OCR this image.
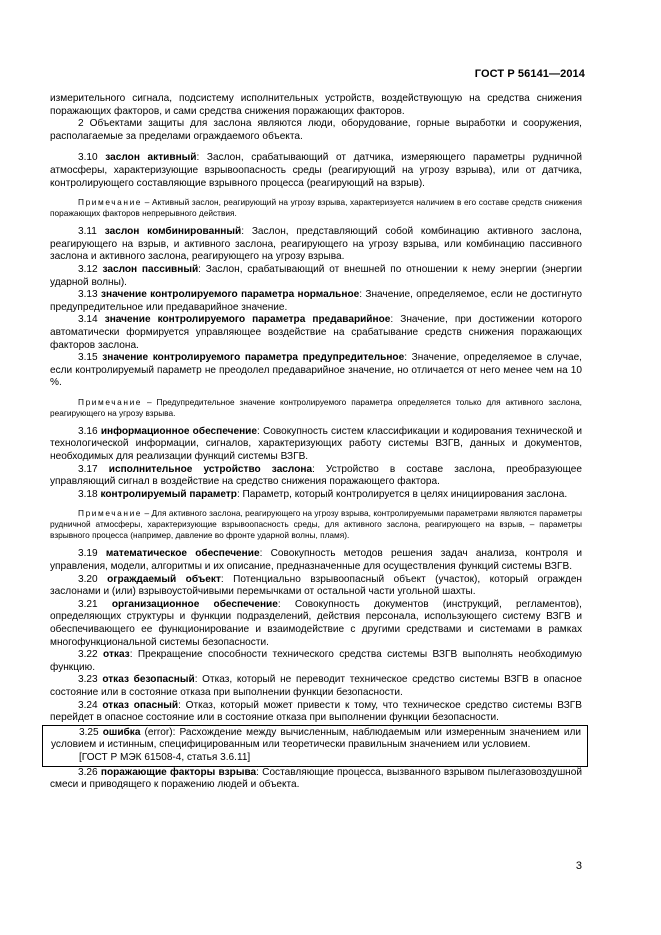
ГОСТ Р 56141—2014

измерительного сигнала, подсистему исполнительных устройств, воздействующую на средства снижения поражающих факторов, и сами средства снижения поражающих факторов.

2 Объектами защиты для заслона являются люди, оборудование, горные выработки и сооружения, располагаемые за пределами ограждаемого объекта.

3.10 заслон активный: Заслон, срабатывающий от датчика, измеряющего параметры рудничной атмосферы, характеризующие взрывоопасность среды (реагирующий на угрозу взрыва), или от датчика, контролирующего составляющие взрывного процесса (реагирующий на взрыв).

Примечание – Активный заслон, реагирующий на угрозу взрыва, характеризуется наличием в его составе средств снижения поражающих факторов непрерывного действия.

3.11 заслон комбинированный: Заслон, представляющий собой комбинацию активного заслона, реагирующего на взрыв, и активного заслона, реагирующего на угрозу взрыва, или комбинацию пассивного заслона и активного заслона, реагирующего на угрозу взрыва.

3.12 заслон пассивный: Заслон, срабатывающий от внешней по отношении к нему энергии (энергии ударной волны).

3.13 значение контролируемого параметра нормальное: Значение, определяемое, если не достигнуто предупредительное или предаварийное значение.

3.14 значение контролируемого параметра предаварийное: Значение, при достижении которого автоматически формируется управляющее воздействие на срабатывание средств снижения поражающих факторов заслона.

3.15 значение контролируемого параметра предупредительное: Значение, определяемое в случае, если контролируемый параметр не преодолел предаварийное значение, но отличается от него менее чем на 10 %.

Примечание – Предупредительное значение контролируемого параметра определяется только для активного заслона, реагирующего на угрозу взрыва.

3.16 информационное обеспечение: Совокупность систем классификации и кодирования технической и технологической информации, сигналов, характеризующих работу системы ВЗГВ, данных и документов, необходимых для реализации функций системы ВЗГВ.

3.17 исполнительное устройство заслона: Устройство в составе заслона, преобразующее управляющий сигнал в воздействие на средство снижения поражающего фактора.

3.18 контролируемый параметр: Параметр, который контролируется в целях инициирования заслона.

Примечание – Для активного заслона, реагирующего на угрозу взрыва, контролируемыми параметрами являются параметры рудничной атмосферы, характеризующие взрывоопасность среды, для активного заслона, реагирующего на взрыв, – параметры взрывного процесса (например, давление во фронте ударной волны, пламя).

3.19 математическое обеспечение: Совокупность методов решения задач анализа, контроля и управления, модели, алгоритмы и их описание, предназначенные для осуществления функций системы ВЗГВ.

3.20 ограждаемый объект: Потенциально взрывоопасный объект (участок), который огражден заслонами и (или) взрывоустойчивыми перемычками от остальной части угольной шахты.

3.21 организационное обеспечение: Совокупность документов (инструкций, регламентов), определяющих структуры и функции подразделений, действия персонала, использующего систему ВЗГВ и обеспечивающего ее функционирование и взаимодействие с другими средствами и системами в рамках многофункциональной системы безопасности.

3.22 отказ: Прекращение способности технического средства системы ВЗГВ выполнять необходимую функцию.

3.23 отказ безопасный: Отказ, который не переводит техническое средство системы ВЗГВ в опасное состояние или в состояние отказа при выполнении функции безопасности.

3.24 отказ опасный: Отказ, который может привести к тому, что техническое средство системы ВЗГВ перейдет в опасное состояние или в состояние отказа при выполнении функции безопасности.

3.25 ошибка (error): Расхождение между вычисленным, наблюдаемым или измеренным значением или условием и истинным, специфицированным или теоретически правильным значением или условием.

[ГОСТ Р МЭК 61508-4, статья 3.6.11]

3.26 поражающие факторы взрыва: Составляющие процесса, вызванного взрывом пылегазовоздушной смеси и приводящего к поражению людей и объекта.

3
